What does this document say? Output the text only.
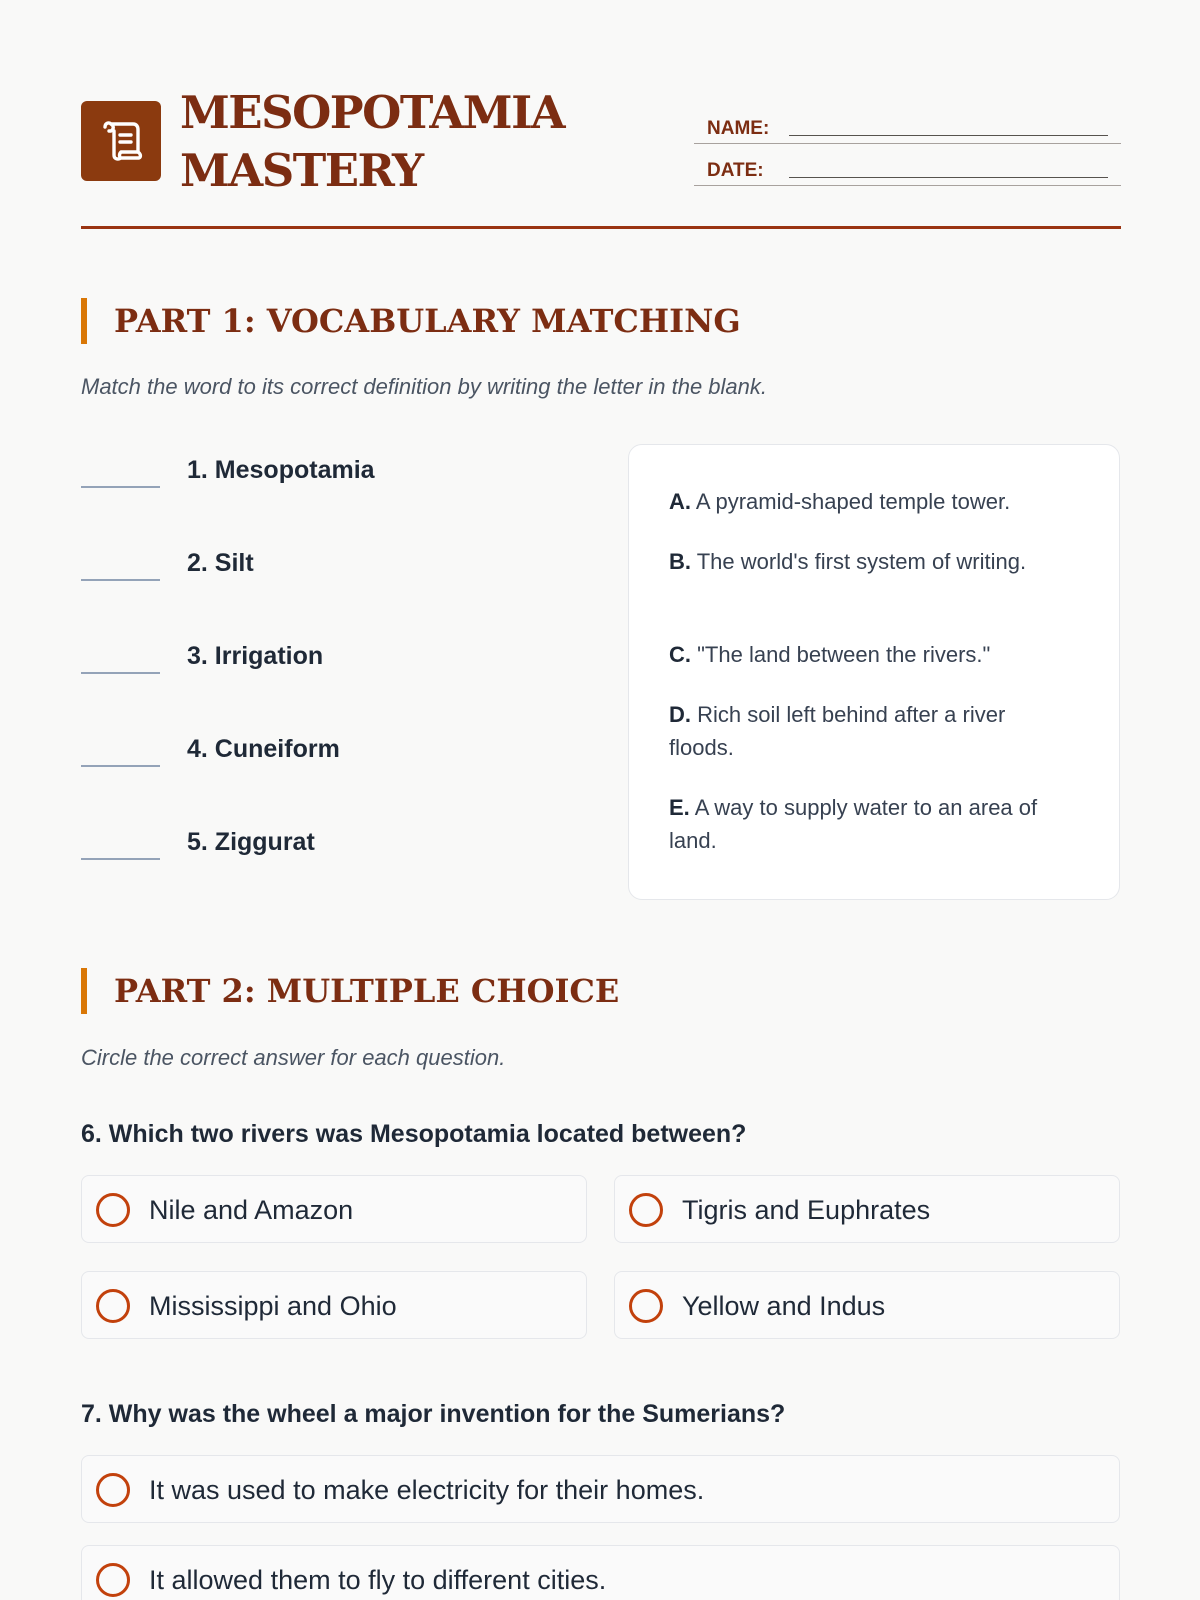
MESOPOTAMIA
MASTERY
NAME:
DATE:
PART 1: VOCABULARY MATCHING
Match the word to its correct definition by writing the letter in the blank.
1. Mesopotamia
2. Silt
3. Irrigation
4. Cuneiform
5. Ziggurat
A. A pyramid-shaped temple tower.
B. The world's first system of writing.
C. "The land between the rivers."
D. Rich soil left behind after a river floods.
E. A way to supply water to an area of land.
PART 2: MULTIPLE CHOICE
Circle the correct answer for each question.
6. Which two rivers was Mesopotamia located between?
Nile and Amazon	Tigris and Euphrates
Mississippi and Ohio	Yellow and Indus
7. Why was the wheel a major invention for the Sumerians?
It was used to make electricity for their homes.
It allowed them to fly to different cities.
